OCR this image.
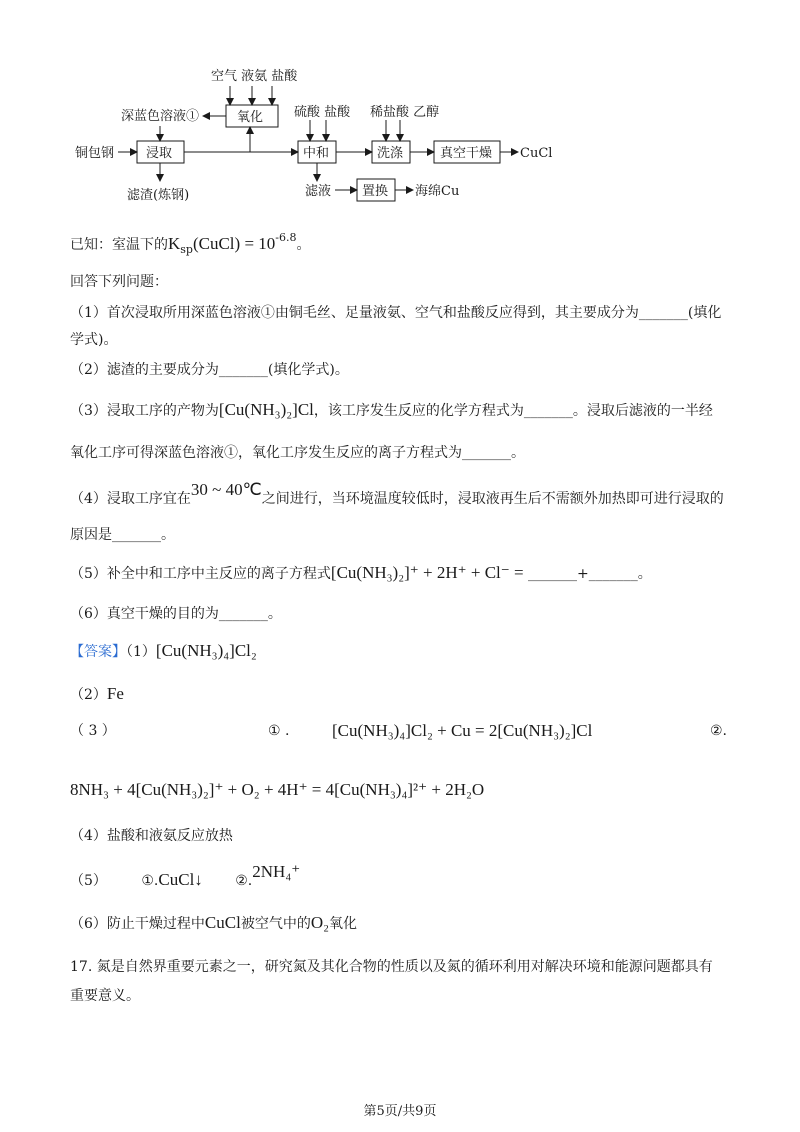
空气 液氨 盐酸
深蓝色溶液①	氧化
铜包钢 浸取
滤渣(炼钢)
硫酸 盐酸
中和
稀盐酸 乙醇
洗涤	真空干燥 CuCl
滤液 置换 海绵Cu
已知：室温下的$K_{sp}(CuCl) = 10^{-6.8}$。
回答下列问题：
（1）首次浸取所用深蓝色溶液①由铜毛丝、足量液氨、空气和盐酸反应得到，其主要成分为_______(填化
学式)。
（2）滤渣的主要成分为_______(填化学式)。
（3）浸取工序的产物为[Cu(NH₃)₂]Cl，该工序发生反应的化学方程式为_______。浸取后滤液的一半经
氧化工序可得深蓝色溶液①，氧化工序发生反应的离子方程式为_______。
（4）浸取工序宜在30 ~ 40℃之间进行，当环境温度较低时，浸取液再生后不需额外加热即可进行浸取的
原因是_______。
（5）补全中和工序中主反应的离子方程式[Cu(NH₃)₂]⁺ + 2H⁺ + Cl⁻ = _______+_______。
（6）真空干燥的目的为_______。
【答案】（1）[Cu(NH₃)₄]Cl₂
（2）Fe
（ 3 ）	① .	[Cu(NH₃)₄]Cl₂ + Cu = 2[Cu(NH₃)₂]Cl	②.
8NH₃ + 4[Cu(NH₃)₂]⁺ + O₂ + 4H⁺ = 4[Cu(NH₃)₄]²⁺ + 2H₂O
（4）盐酸和液氨反应放热
（5） ①.CuCl↓ ②.2NH₄⁺
（6）防止干燥过程中CuCl被空气中的O₂氧化
17. 氮是自然界重要元素之一，研究氮及其化合物的性质以及氮的循环利用对解决环境和能源问题都具有
重要意义。
第5页/共9页
